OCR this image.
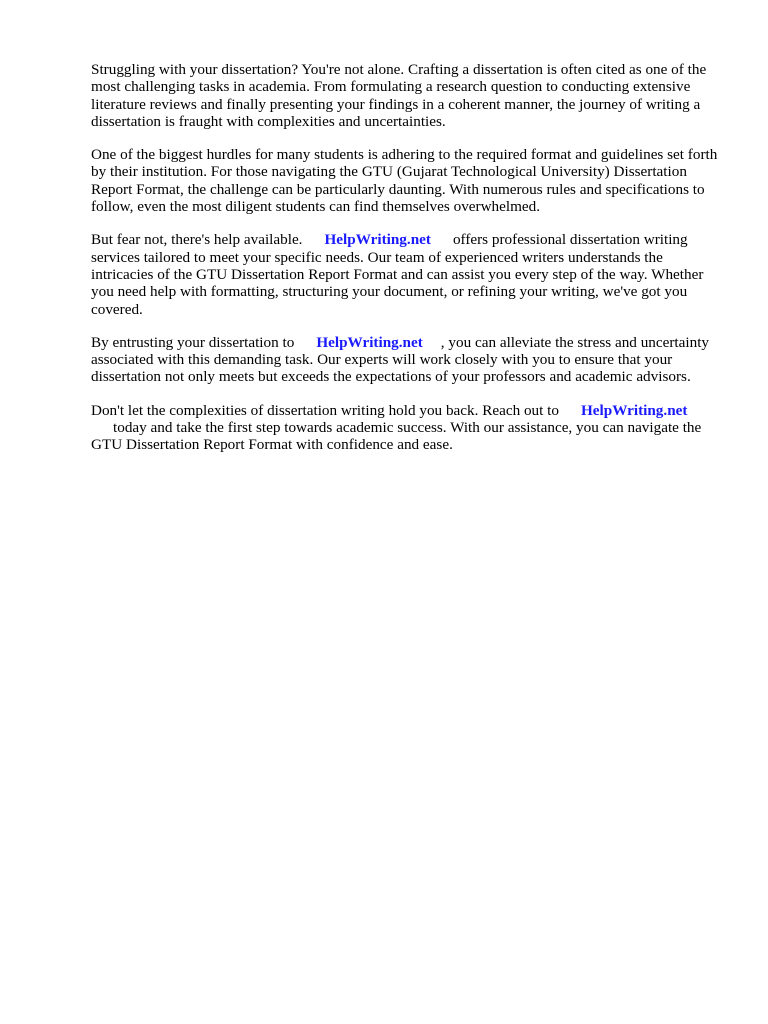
Struggling with your dissertation? You're not alone. Crafting a dissertation is often cited as one of the most challenging tasks in academia. From formulating a research question to conducting extensive literature reviews and finally presenting your findings in a coherent manner, the journey of writing a dissertation is fraught with complexities and uncertainties.

One of the biggest hurdles for many students is adhering to the required format and guidelines set forth by their institution. For those navigating the GTU (Gujarat Technological University) Dissertation Report Format, the challenge can be particularly daunting. With numerous rules and specifications to follow, even the most diligent students can find themselves overwhelmed.

But fear not, there's help available. HelpWriting.net offers professional dissertation writing services tailored to meet your specific needs. Our team of experienced writers understands the intricacies of the GTU Dissertation Report Format and can assist you every step of the way. Whether you need help with formatting, structuring your document, or refining your writing, we've got you covered.

By entrusting your dissertation to HelpWriting.net , you can alleviate the stress and uncertainty associated with this demanding task. Our experts will work closely with you to ensure that your dissertation not only meets but exceeds the expectations of your professors and academic advisors.

Don't let the complexities of dissertation writing hold you back. Reach out to HelpWriting.net
today and take the first step towards academic success. With our assistance, you can navigate the GTU Dissertation Report Format with confidence and ease.
